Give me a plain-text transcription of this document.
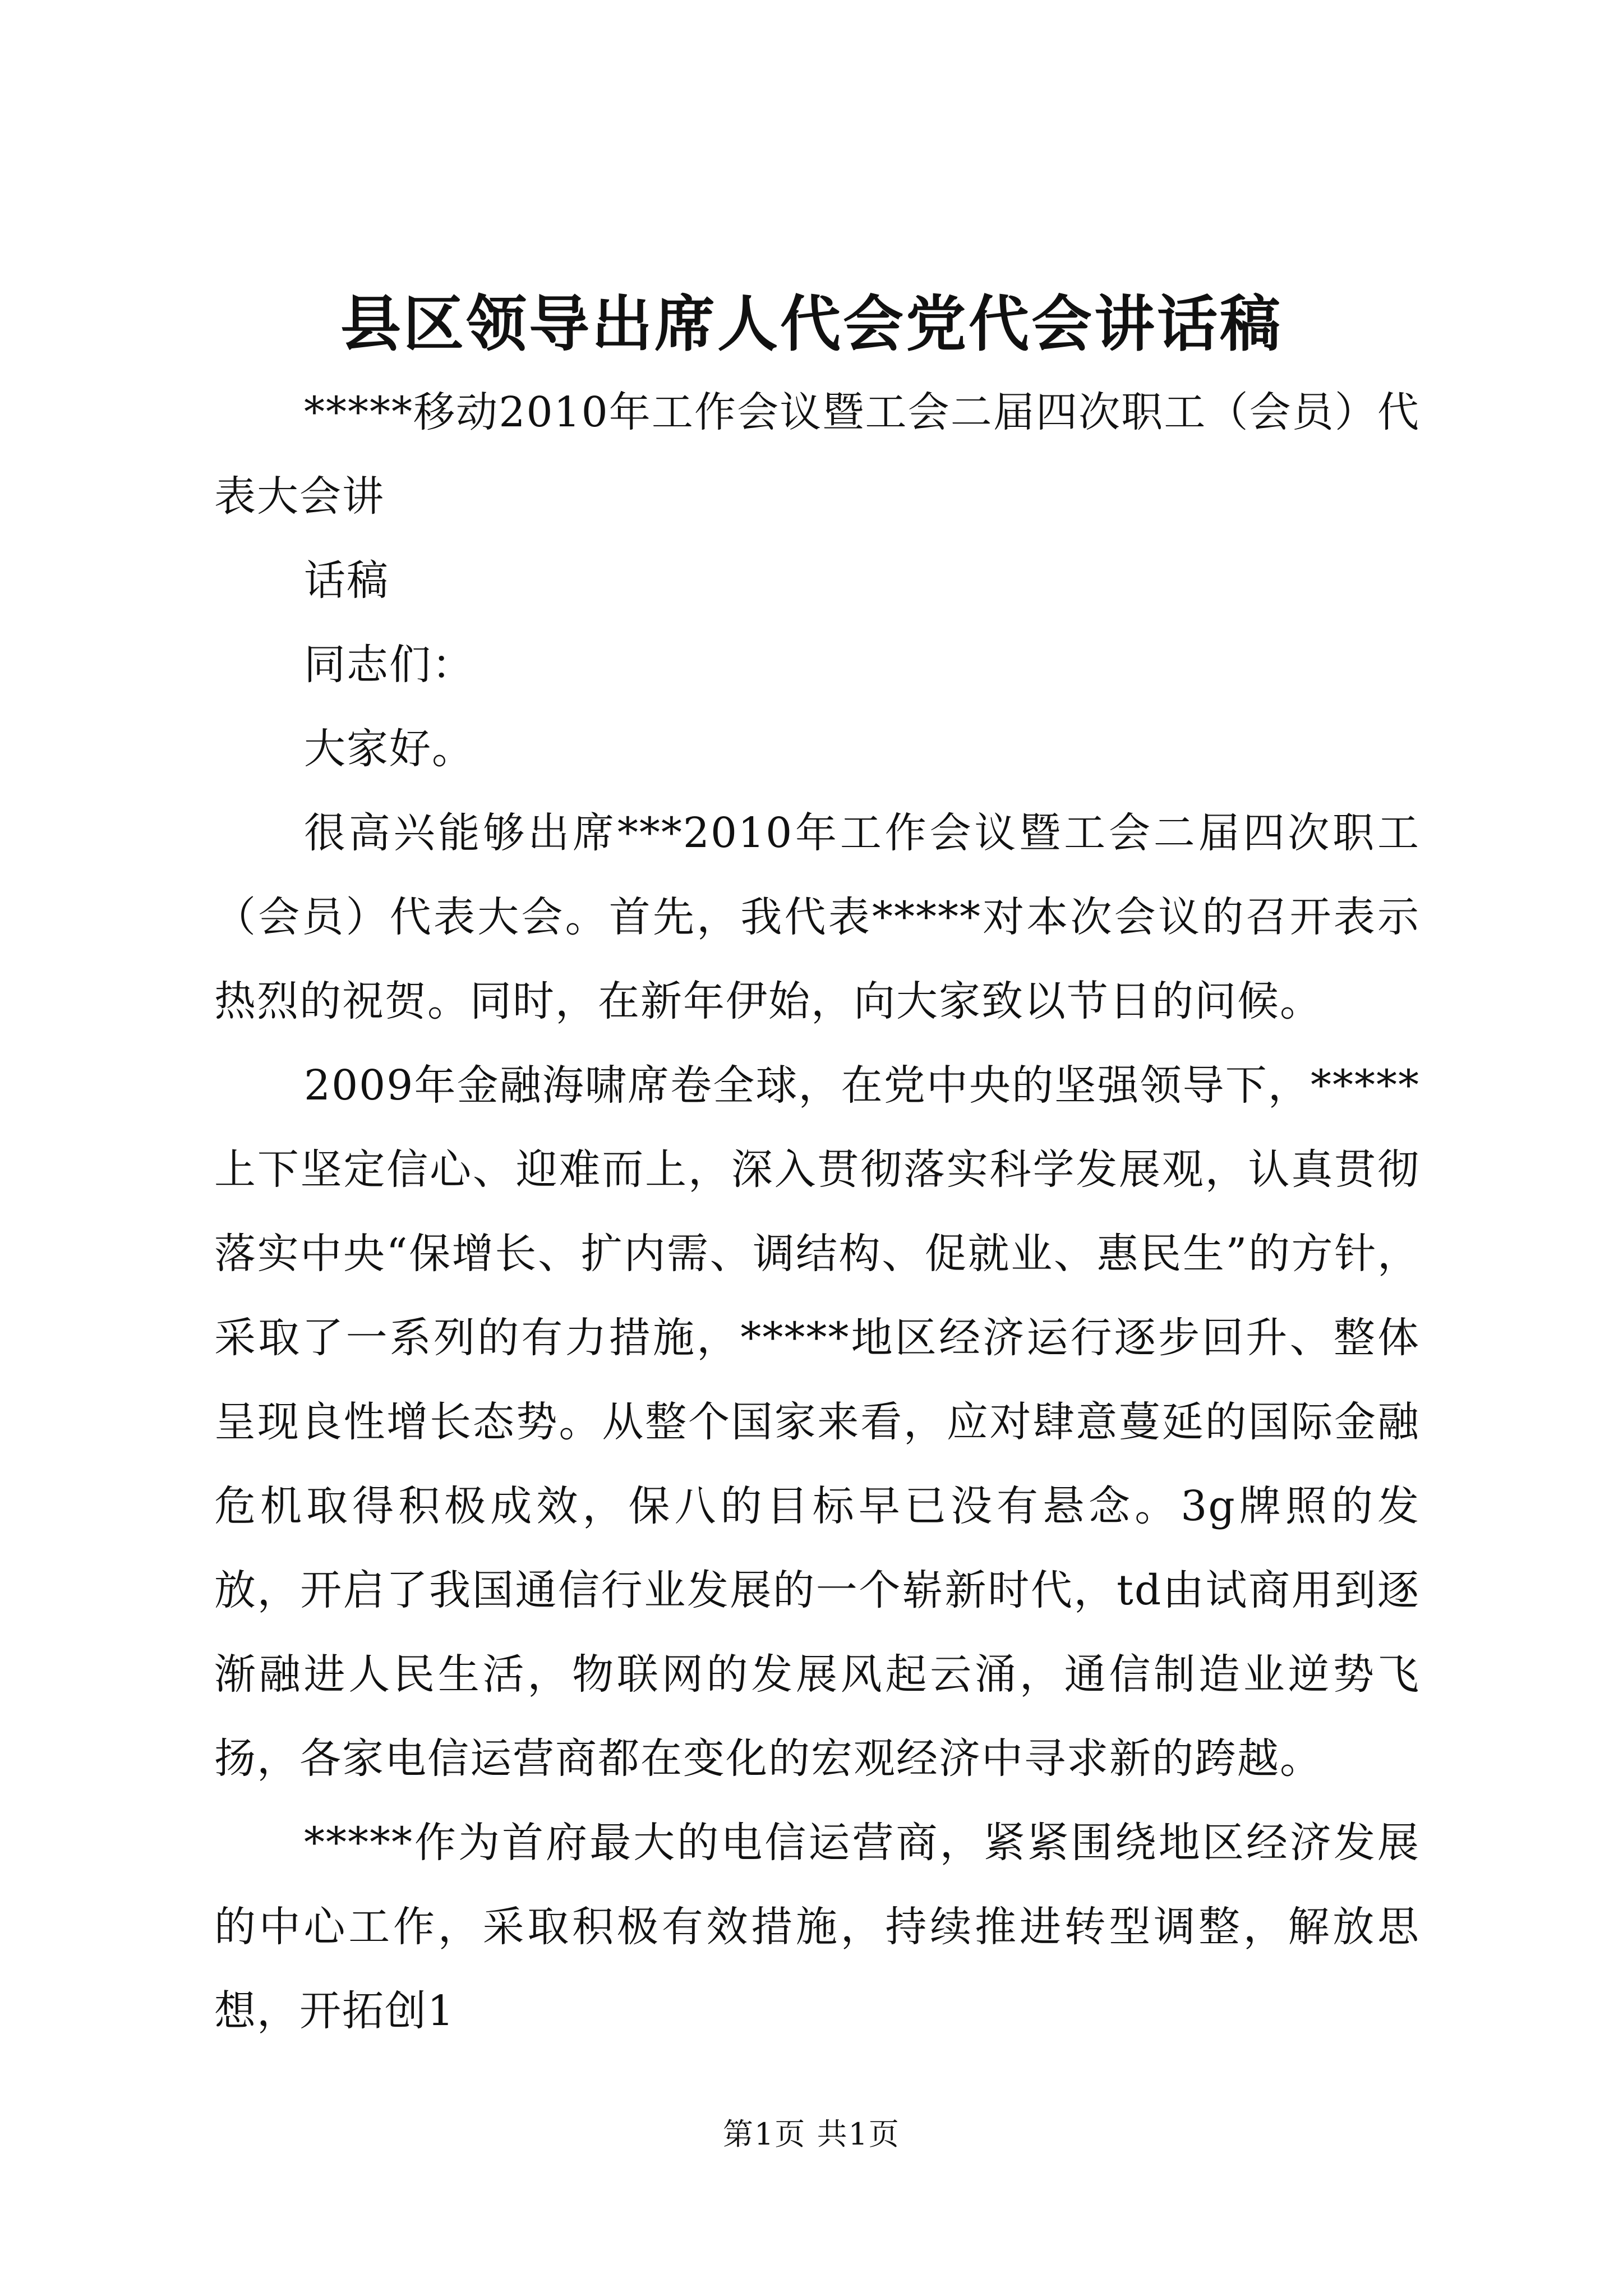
县区领导出席人代会党代会讲话稿

*****移动2010年工作会议暨工会二届四次职工（会员）代表大会讲

话稿

同志们：

大家好。

很高兴能够出席***2010年工作会议暨工会二届四次职工（会员）代表大会。首先，我代表*****对本次会议的召开表示热烈的祝贺。同时，在新年伊始，向大家致以节日的问候。

2009年金融海啸席卷全球，在党中央的坚强领导下，*****上下坚定信心、迎难而上，深入贯彻落实科学发展观，认真贯彻落实中央“保增长、扩内需、调结构、促就业、惠民生”的方针，采取了一系列的有力措施，*****地区经济运行逐步回升、整体呈现良性增长态势。从整个国家来看，应对肆意蔓延的国际金融危机取得积极成效，保八的目标早已没有悬念。3g牌照的发放，开启了我国通信行业发展的一个崭新时代，td由试商用到逐渐融进人民生活，物联网的发展风起云涌，通信制造业逆势飞扬，各家电信运营商都在变化的宏观经济中寻求新的跨越。

*****作为首府最大的电信运营商，紧紧围绕地区经济发展的中心工作，采取积极有效措施，持续推进转型调整，解放思想，开拓创1

第1页 共1页
